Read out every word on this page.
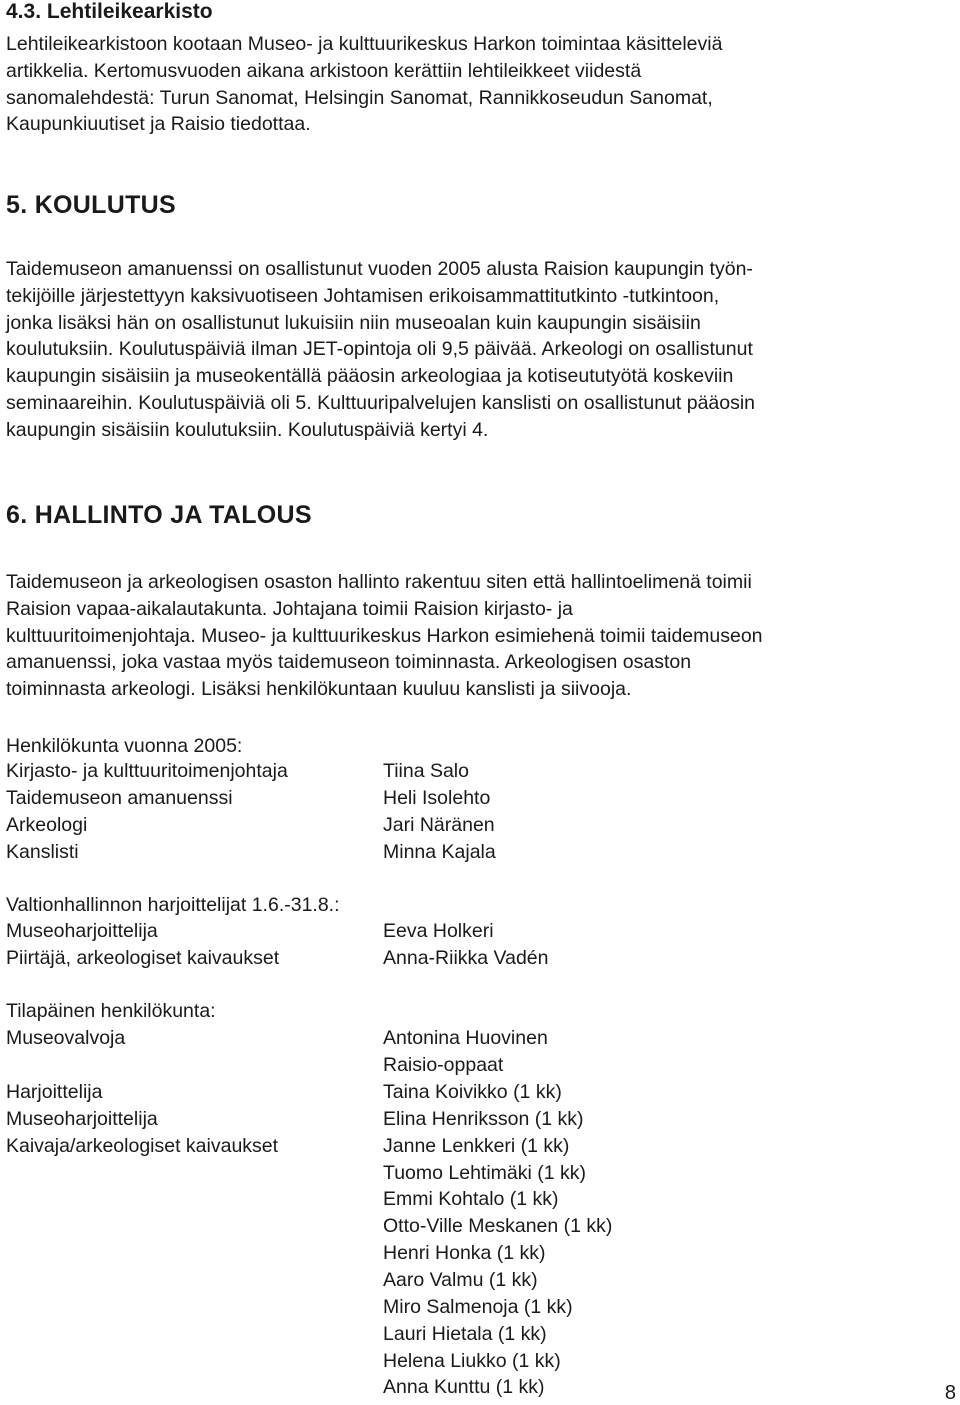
4.3. Lehtileikearkisto

Lehtileikearkistoon kootaan Museo- ja kulttuurikeskus Harkon toimintaa käsitteleviä
artikkelia. Kertomusvuoden aikana arkistoon kerättiin lehtileikkeet viidestä
sanomalehdestä: Turun Sanomat, Helsingin Sanomat, Rannikkoseudun Sanomat,
Kaupunkiuutiset ja Raisio tiedottaa.

5. KOULUTUS

Taidemuseon amanuenssi on osallistunut vuoden 2005 alusta Raision kaupungin työn-
tekijöille järjestettyyn kaksivuotiseen Johtamisen erikoisammattitutkinto -tutkintoon,
jonka lisäksi hän on osallistunut lukuisiin niin museoalan kuin kaupungin sisäisiin
koulutuksiin. Koulutuspäiviä ilman JET-opintoja oli 9,5 päivää. Arkeologi on osallistunut
kaupungin sisäisiin ja museokentällä pääosin arkeologiaa ja kotiseututyötä koskeviin
seminaareihin. Koulutuspäiviä oli 5. Kulttuuripalvelujen kanslisti on osallistunut pääosin
kaupungin sisäisiin koulutuksiin. Koulutuspäiviä kertyi 4.

6. HALLINTO JA TALOUS

Taidemuseon ja arkeologisen osaston hallinto rakentuu siten että hallintoelimenä toimii
Raision vapaa-aikalautakunta. Johtajana toimii Raision kirjasto- ja
kulttuuritoimenjohtaja. Museo- ja kulttuurikeskus Harkon esimiehenä toimii taidemuseon
amanuenssi, joka vastaa myös taidemuseon toiminnasta. Arkeologisen osaston
toiminnasta arkeologi. Lisäksi henkilökuntaan kuuluu kanslisti ja siivooja.

Henkilökunta vuonna 2005:
Kirjasto- ja kulttuuritoimenjohtaja	Tiina Salo
Taidemuseon amanuenssi	Heli Isolehto
Arkeologi	Jari Näränen
Kanslisti	Minna Kajala
Valtionhallinnon harjoittelijat 1.6.-31.8.:
Museoharjoittelija	Eeva Holkeri
Piirtäjä, arkeologiset kaivaukset	Anna-Riikka Vadén
Tilapäinen henkilökunta:
Museovalvoja	Antonina Huovinen
Raisio-oppaat
Harjoittelija	Taina Koivikko (1 kk)
Museoharjoittelija	Elina Henriksson (1 kk)
Kaivaja/arkeologiset kaivaukset	Janne Lenkkeri (1 kk)
Tuomo Lehtimäki (1 kk)
Emmi Kohtalo (1 kk)
Otto-Ville Meskanen (1 kk)
Henri Honka (1 kk)
Aaro Valmu (1 kk)
Miro Salmenoja (1 kk)
Lauri Hietala (1 kk)
Helena Liukko (1 kk)
Anna Kunttu (1 kk)	8
